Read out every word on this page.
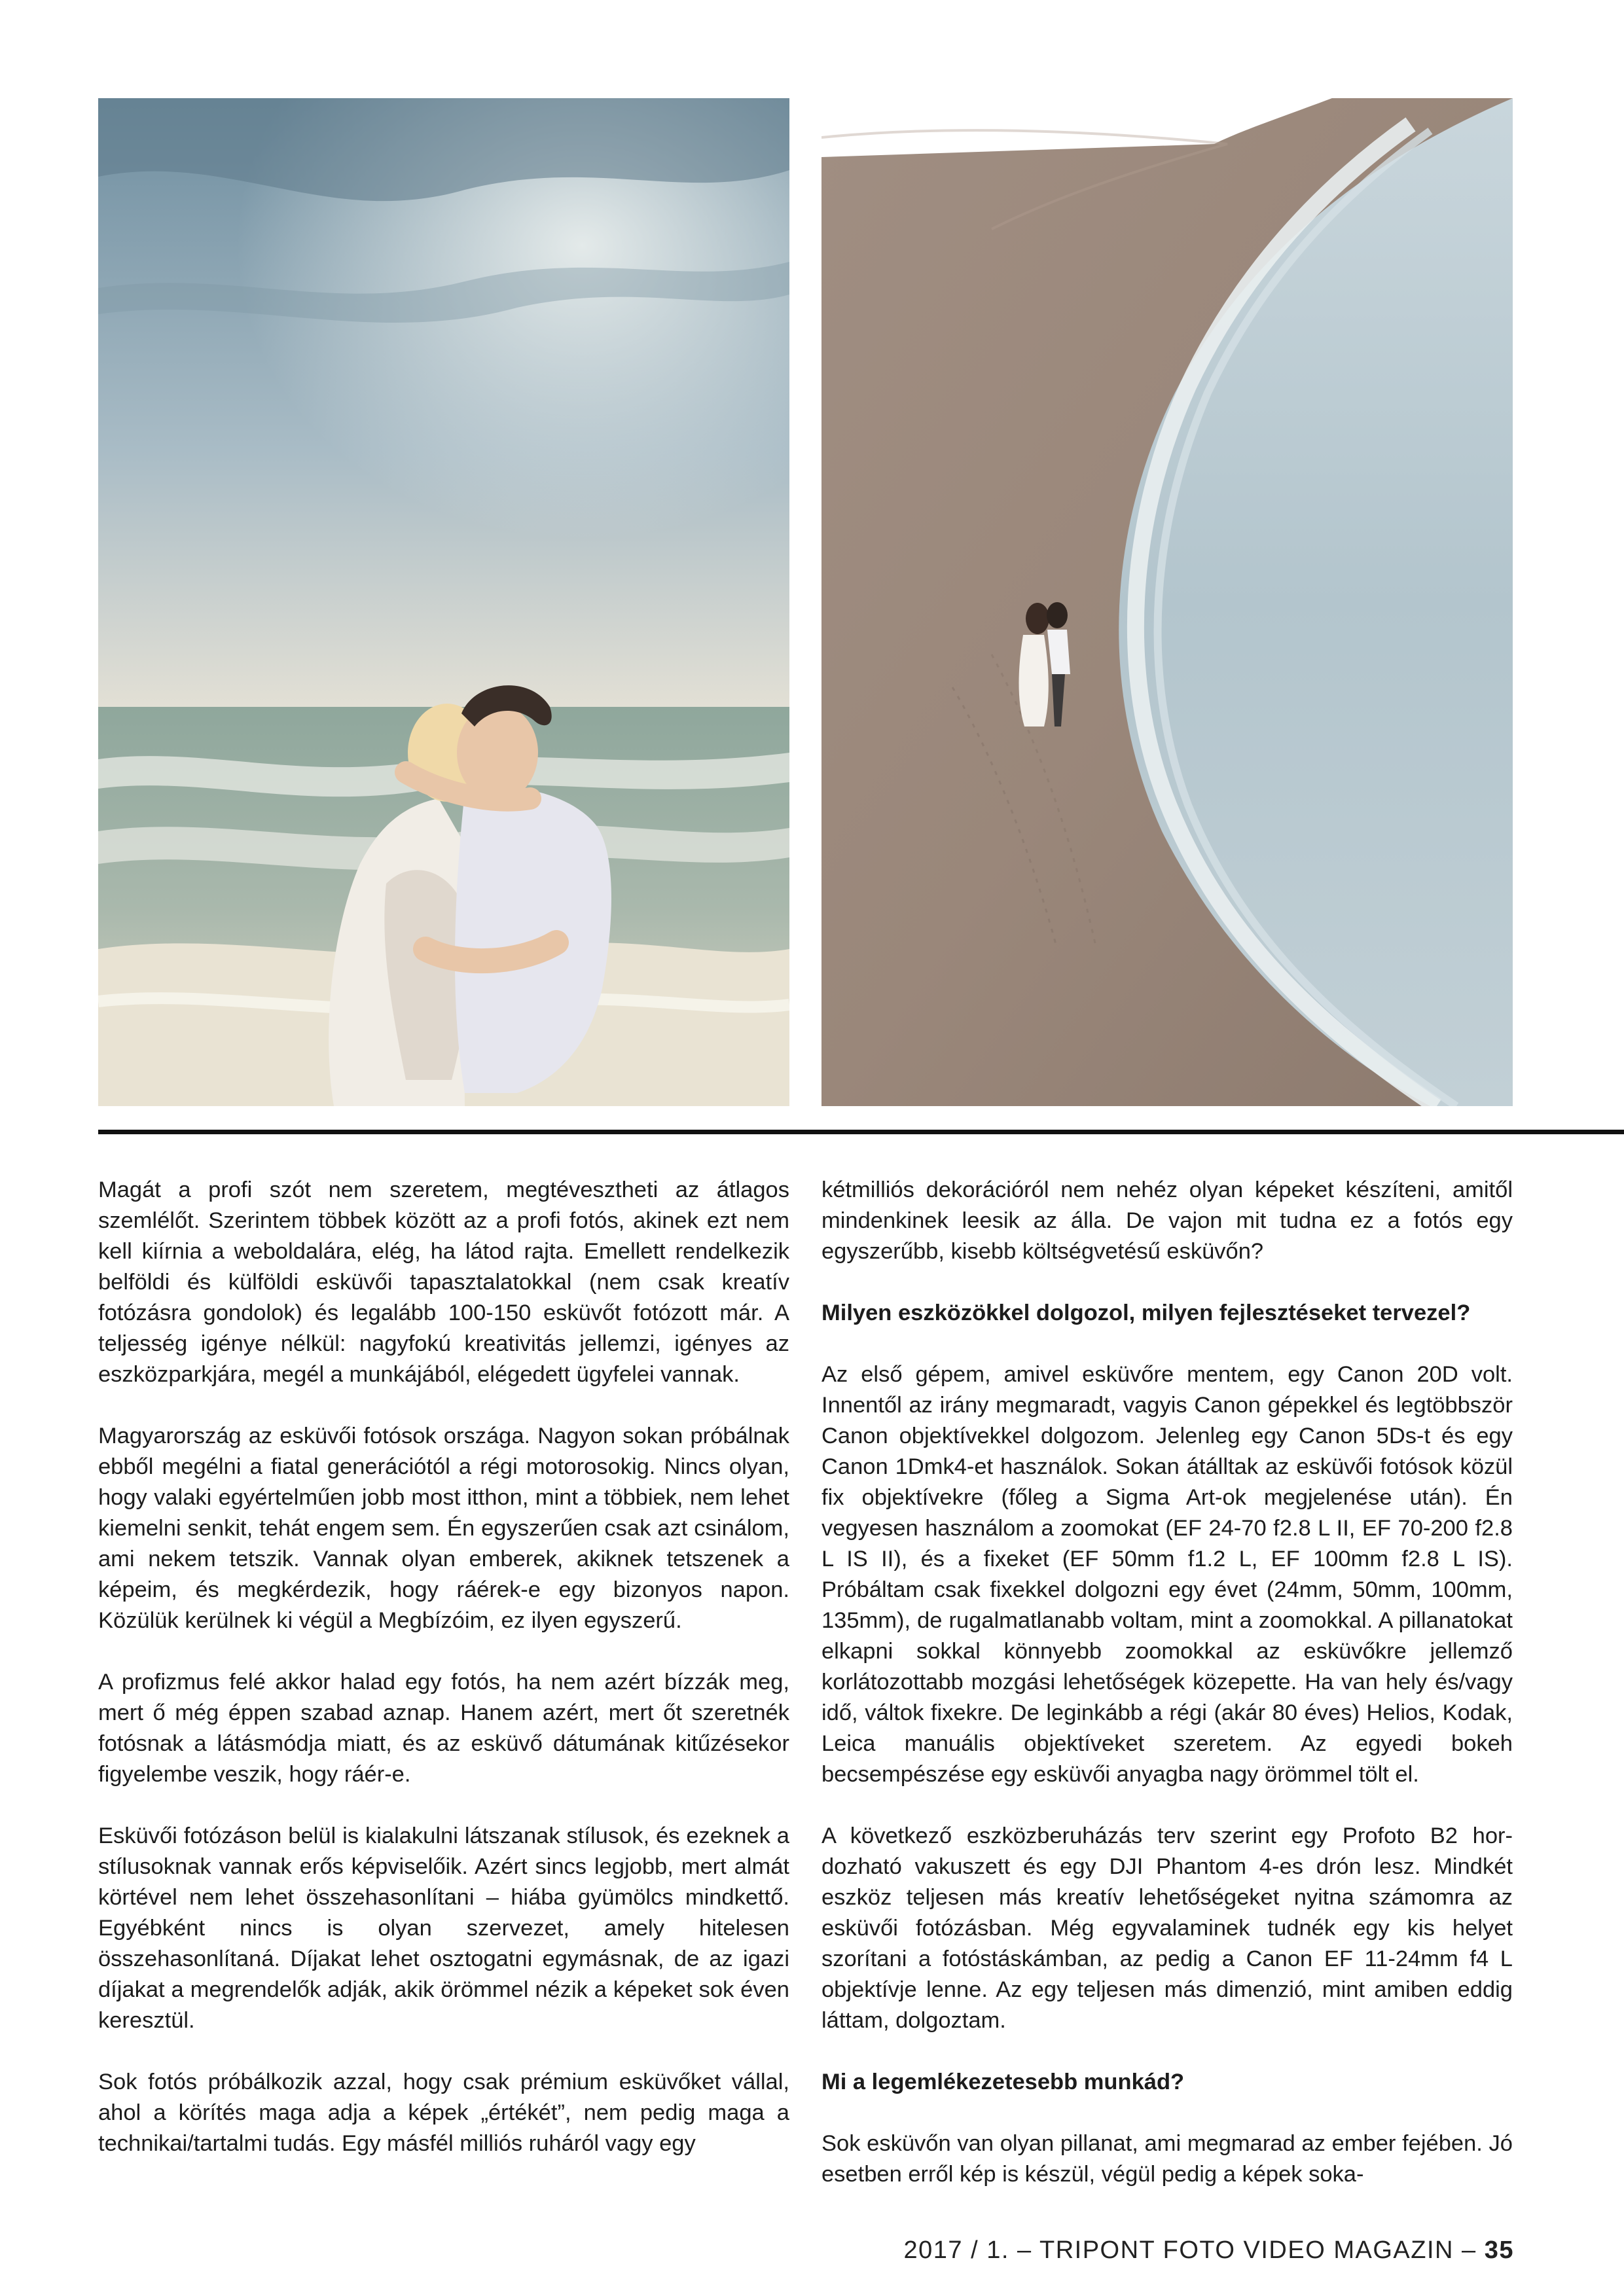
Magát a profi szót nem szeretem, megtévesztheti az átlagos szemlélőt. Szerintem többek között az a profi fotós, akinek ezt nem kell kiírnia a weboldalára, elég, ha látod rajta. Emellett rendelkezik belföldi és külföldi esküvői tapasztalatokkal (nem csak kreatív fotózásra gondolok) és legalább 100-150 esküvőt fotózott már. A teljesség igénye nélkül: nagyfokú kreativitás jellemzi, igényes az eszközparkjára, megél a munkájából, elégedett ügyfelei vannak.

Magyarország az esküvői fotósok országa. Nagyon sokan próbálnak ebből megélni a fiatal generációtól a régi motorosokig. Nincs olyan, hogy valaki egyértelműen jobb most itthon, mint a többiek, nem lehet kiemelni senkit, tehát engem sem. Én egyszerűen csak azt csinálom, ami nekem tetszik. Vannak olyan emberek, akiknek tetszenek a képeim, és megkérdezik, hogy ráérek-e egy bizonyos napon. Közülük kerülnek ki végül a Megbízóim, ez ilyen egyszerű.

A profizmus felé akkor halad egy fotós, ha nem azért bízzák meg, mert ő még éppen szabad aznap. Hanem azért, mert őt szeretnék fotósnak a látásmódja miatt, és az esküvő dátumának kitűzésekor figyelembe veszik, hogy ráér-e.

Esküvői fotózáson belül is kialakulni látszanak stílusok, és ezeknek a stílusoknak vannak erős képviselőik. Azért sincs legjobb, mert almát körtével nem lehet összehasonlítani – hiába gyümölcs mindkettő. Egyébként nincs is olyan szervezet, amely hitelesen összehasonlítaná. Díjakat lehet osztogatni egymásnak, de az igazi díjakat a megrendelők adják, akik örömmel nézik a képeket sok éven keresztül.

Sok fotós próbálkozik azzal, hogy csak prémium esküvőket vállal, ahol a körítés maga adja a képek „értékét”, nem pedig maga a technikai/tartalmi tudás. Egy másfél milliós ruháról vagy egy

kétmilliós dekorációról nem nehéz olyan képeket készíteni, amitől mindenkinek leesik az álla. De vajon mit tudna ez a fotós egy egyszerűbb, kisebb költségvetésű esküvőn?

Milyen eszközökkel dolgozol, milyen fejlesztéseket tervezel?

Az első gépem, amivel esküvőre mentem, egy Canon 20D volt. Innentől az irány megmaradt, vagyis Canon gépekkel és legtöbbször Canon objektívekkel dolgozom. Jelenleg egy Canon 5Ds-t és egy Canon 1Dmk4-et használok. Sokan átálltak az esküvői fotósok közül fix objektívekre (főleg a Sigma Art-ok megjelenése után). Én vegyesen használom a zoomokat (EF 24-70 f2.8 L II, EF 70-200 f2.8 L IS II), és a fixeket (EF 50mm f1.2 L, EF 100mm f2.8 L IS). Próbáltam csak fixekkel dolgozni egy évet (24mm, 50mm, 100mm, 135mm), de rugalmatlanabb voltam, mint a zoomokkal. A pillanatokat elkapni sokkal könnyebb zoomokkal az esküvőkre jellemző korlátozottabb mozgási lehetőségek közepette. Ha van hely és/vagy idő, váltok fixekre. De leginkább a régi (akár 80 éves) Helios, Kodak, Leica manuális objektíveket szeretem. Az egyedi bokeh becsempészése egy esküvői anyagba nagy örömmel tölt el.

A következő eszközberuházás terv szerint egy Profoto B2 hordozható vakuszett és egy DJI Phantom 4-es drón lesz. Mindkét eszköz teljesen más kreatív lehetőségeket nyitna számomra az esküvői fotózásban. Még egyvalaminek tudnék egy kis helyet szorítani a fotóstáskámban, az pedig a Canon EF 11-24mm f4 L objektívje lenne. Az egy teljesen más dimenzió, mint amiben eddig láttam, dolgoztam.

Mi a legemlékezetesebb munkád?

Sok esküvőn van olyan pillanat, ami megmarad az ember fejében. Jó esetben erről kép is készül, végül pedig a képek soka-

2017 / 1. – TRIPONT FOTO VIDEO MAGAZIN – 35
